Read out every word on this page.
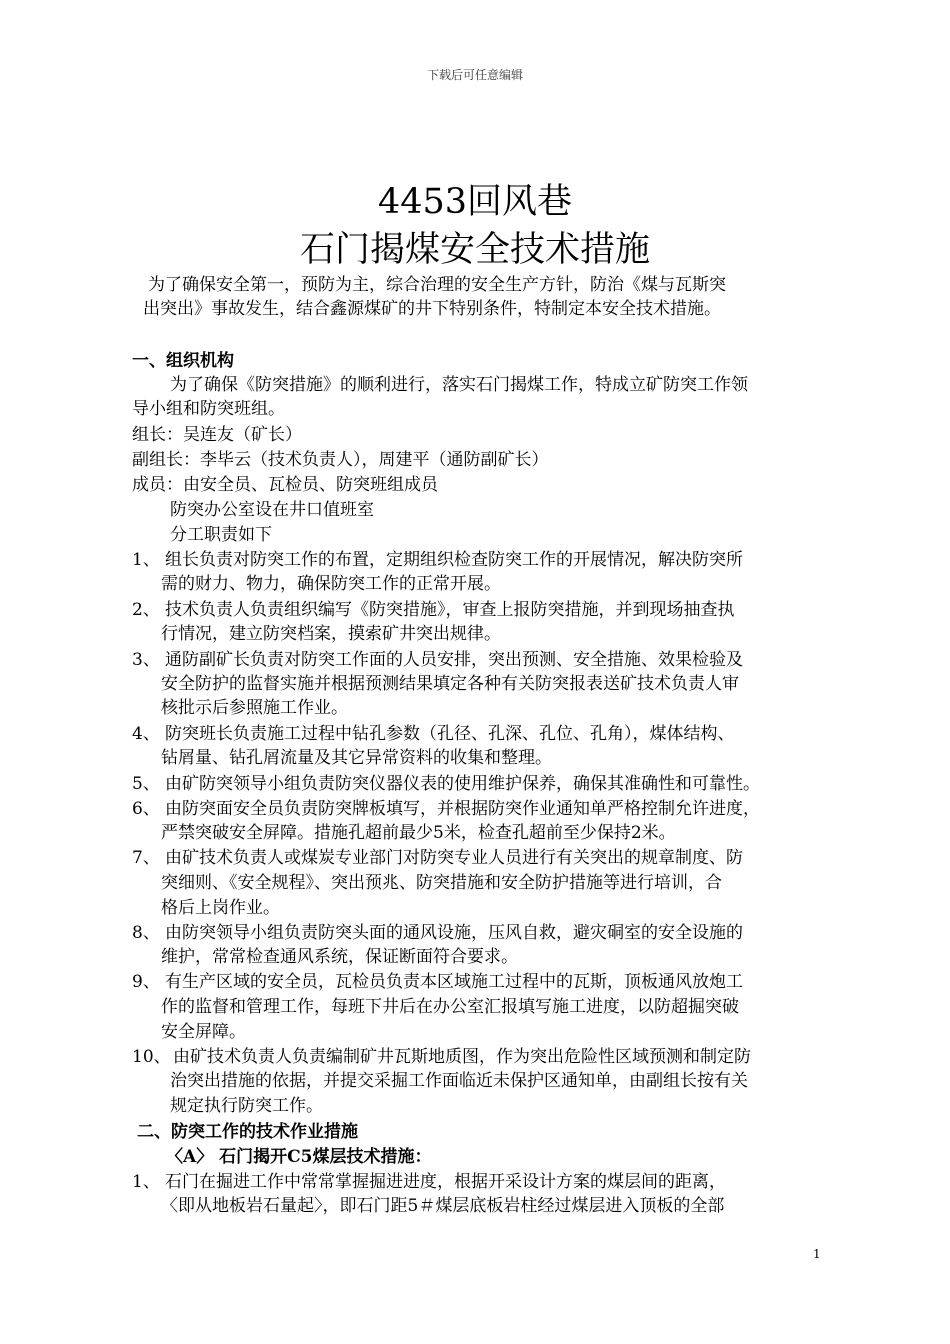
下载后可任意编辑
4453回风巷
石门揭煤安全技术措施
为了确保安全第一，预防为主，综合治理的安全生产方针，防治《煤与瓦斯突
出突出》事故发生，结合鑫源煤矿的井下特别条件，特制定本安全技术措施。
一、组织机构
为了确保《防突措施》的顺利进行，落实石门揭煤工作，特成立矿防突工作领
导小组和防突班组。
组长：吴连友（矿长）
副组长：李毕云（技术负责人），周建平（通防副矿长）
成员：由安全员、瓦检员、防突班组成员
防突办公室设在井口值班室
分工职责如下
1、 组长负责对防突工作的布置，定期组织检查防突工作的开展情况，解决防突所
需的财力、物力，确保防突工作的正常开展。
2、 技术负责人负责组织编写《防突措施》，审查上报防突措施，并到现场抽查执
行情况，建立防突档案，摸索矿井突出规律。
3、 通防副矿长负责对防突工作面的人员安排，突出预测、安全措施、效果检验及
安全防护的监督实施并根据预测结果填定各种有关防突报表送矿技术负责人审
核批示后参照施工作业。
4、 防突班长负责施工过程中钻孔参数（孔径、孔深、孔位、孔角），煤体结构、
钻屑量、钻孔屑流量及其它异常资料的收集和整理。
5、 由矿防突领导小组负责防突仪器仪表的使用维护保养，确保其准确性和可靠性。
6、 由防突面安全员负责防突牌板填写，并根据防突作业通知单严格控制允许进度，
严禁突破安全屏障。措施孔超前最少5米，检查孔超前至少保持2米。
7、 由矿技术负责人或煤炭专业部门对防突专业人员进行有关突出的规章制度、防
突细则、《安全规程》、突出预兆、防突措施和安全防护措施等进行培训，合
格后上岗作业。
8、 由防突领导小组负责防突头面的通风设施，压风自救，避灾硐室的安全设施的
维护，常常检查通风系统，保证断面符合要求。
9、 有生产区域的安全员，瓦检员负责本区域施工过程中的瓦斯，顶板通风放炮工
作的监督和管理工作，每班下井后在办公室汇报填写施工进度，以防超掘突破
安全屏障。
10、 由矿技术负责人负责编制矿井瓦斯地质图，作为突出危险性区域预测和制定防
治突出措施的依据，并提交采掘工作面临近未保护区通知单，由副组长按有关
规定执行防突工作。
二、防突工作的技术作业措施
〈A〉 石门揭开C5煤层技术措施：
1、 石门在掘进工作中常常掌握掘进进度，根据开采设计方案的煤层间的距离，
〈即从地板岩石量起〉，即石门距5＃煤层底板岩柱经过煤层进入顶板的全部
1
